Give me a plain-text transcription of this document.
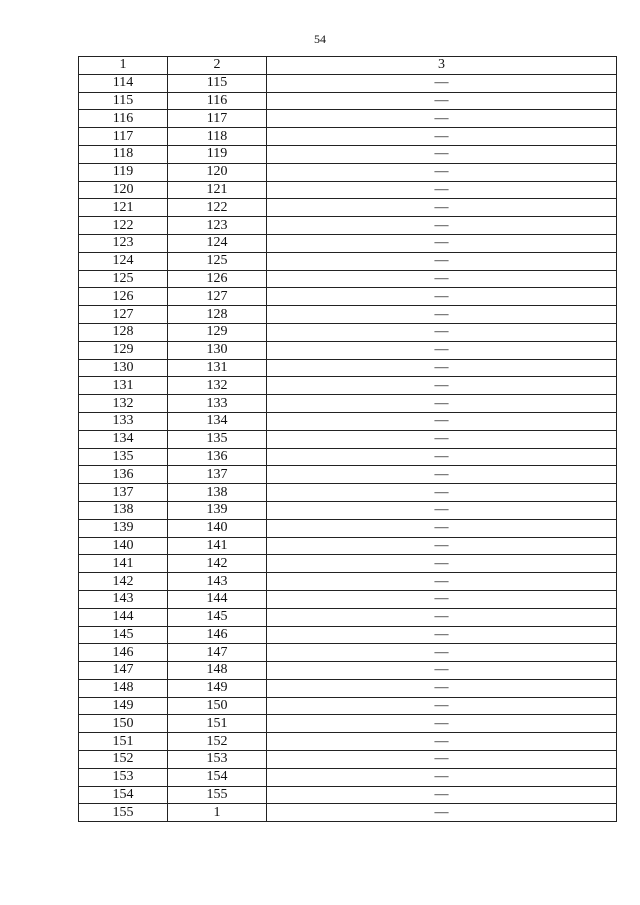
54
1	2	3
114	115	—
115	116	—
116	117	—
117	118	—
118	119	—
119	120	—
120	121	—
121	122	—
122	123	—
123	124	—
124	125	—
125	126	—
126	127	—
127	128	—
128	129	—
129	130	—
130	131	—
131	132	—
132	133	—
133	134	—
134	135	—
135	136	—
136	137	—
137	138	—
138	139	—
139	140	—
140	141	—
141	142	—
142	143	—
143	144	—
144	145	—
145	146	—
146	147	—
147	148	—
148	149	—
149	150	—
150	151	—
151	152	—
152	153	—
153	154	—
154	155	—
155	1	—
